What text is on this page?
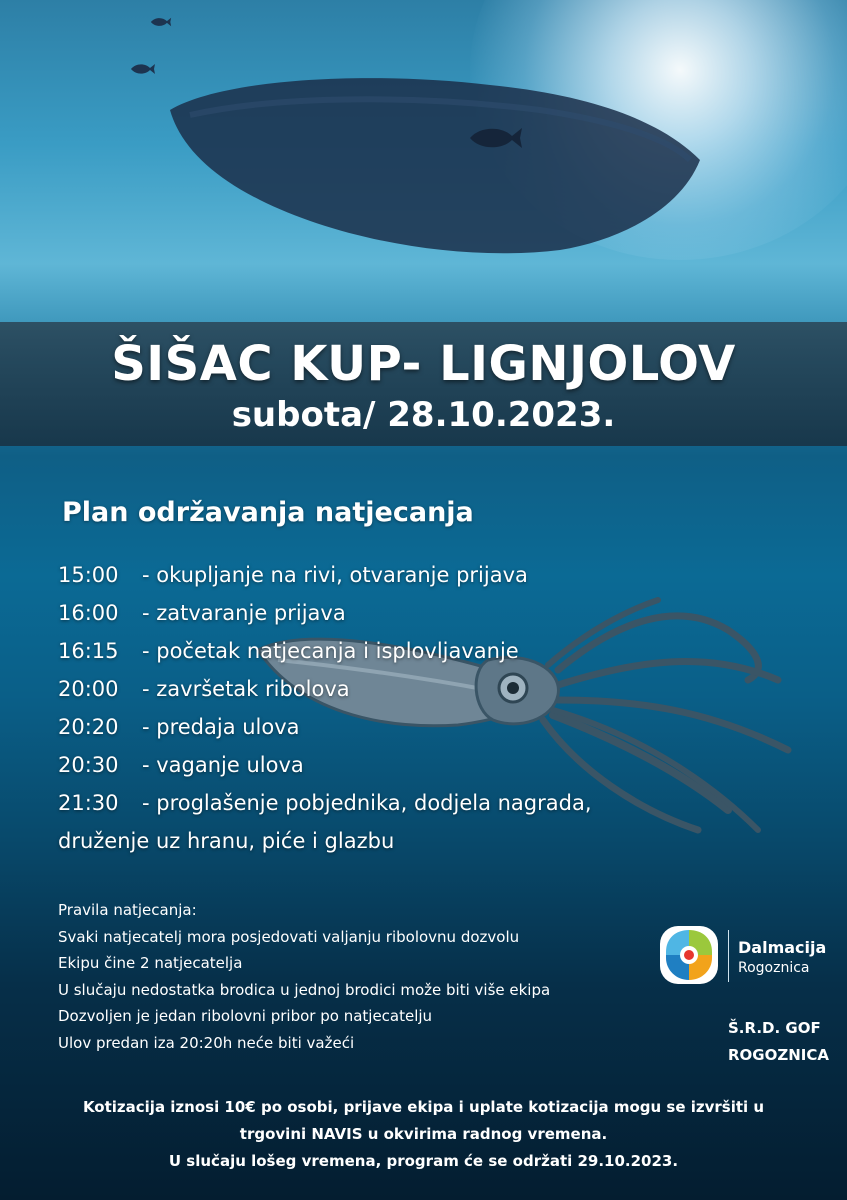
ŠIŠAC KUP- LIGNJOLOV
subota/ 28.10.2023.
Plan održavanja natjecanja
15:00 - okupljanje na rivi, otvaranje prijava
16:00 - zatvaranje prijava
16:15 - početak natjecanja i isplovljavanje
20:00 - završetak ribolova
20:20 - predaja ulova
20:30 - vaganje ulova
21:30 - proglašenje pobjednika, dodjela nagrada,
druženje uz hranu, piće i glazbu
Pravila natjecanja:
Svaki natjecatelj mora posjedovati valjanju ribolovnu dozvolu
Ekipu čine 2 natjecatelja
U slučaju nedostatka brodica u jednoj brodici može biti više ekipa
Dozvoljen je jedan ribolovni pribor po natjecatelju
Ulov predan iza 20:20h neće biti važeći
Dalmacija
Rogoznica
Š.R.D. GOF
ROGOZNICA
Kotizacija iznosi 10€ po osobi, prijave ekipa i uplate kotizacija mogu se izvršiti u
trgovini NAVIS u okvirima radnog vremena.
U slučaju lošeg vremena, program će se održati 29.10.2023.
